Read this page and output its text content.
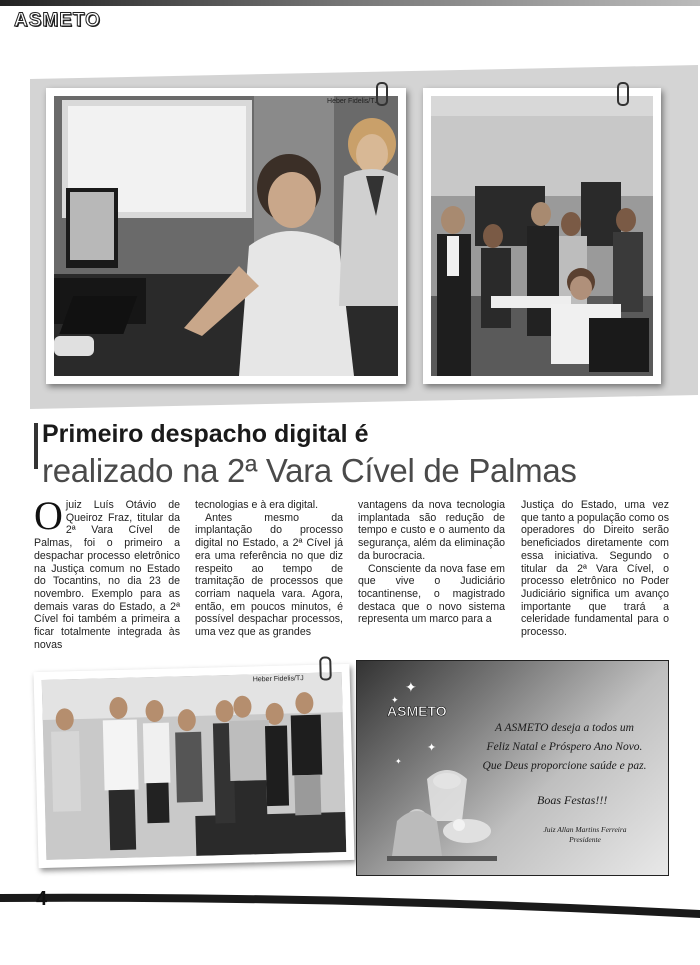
ASMETO
Heber Fidelis/TJ
Primeiro despacho digital é
realizado na 2ª Vara Cível de Palmas
Ojuiz Luís Otávio de Queiroz Fraz, titular da 2ª Vara Cível de Palmas, foi o primeiro a despachar processo eletrônico na Justiça comum no Estado do Tocantins, no dia 23 de novembro. Exemplo para as demais varas do Estado, a 2ª Cível foi também a primeira a ficar totalmente integrada às novas

tecnologias e à era digital.

Antes mesmo da implantação do processo digital no Estado, a 2ª Cível já era uma referência no que diz respeito ao tempo de tramitação de processos que corriam naquela vara. Agora, então, em poucos minutos, é possível despachar processos, uma vez que as grandes

vantagens da nova tecnologia implantada são redução de tempo e custo e o aumento da segurança, além da eliminação da burocracia.

Consciente da nova fase em que vive o Judiciário tocantinense, o magistrado destaca que o novo sistema representa um marco para a

Justiça do Estado, uma vez que tanto a população como os operadores do Direito serão beneficiados diretamente com essa iniciativa. Segundo o titular da 2ª Vara Cível, o processo eletrônico no Poder Judiciário significa um avanço importante que trará a celeridade fundamental para o processo.

Heber Fidelis/TJ	✦
✦
✦
✦
ASMETO
A ASMETO deseja a todos um
Feliz Natal e Próspero Ano Novo.
Que Deus proporcione saúde e paz.
Boas Festas!!!
Juiz Allan Martins Ferreira
Presidente
4
